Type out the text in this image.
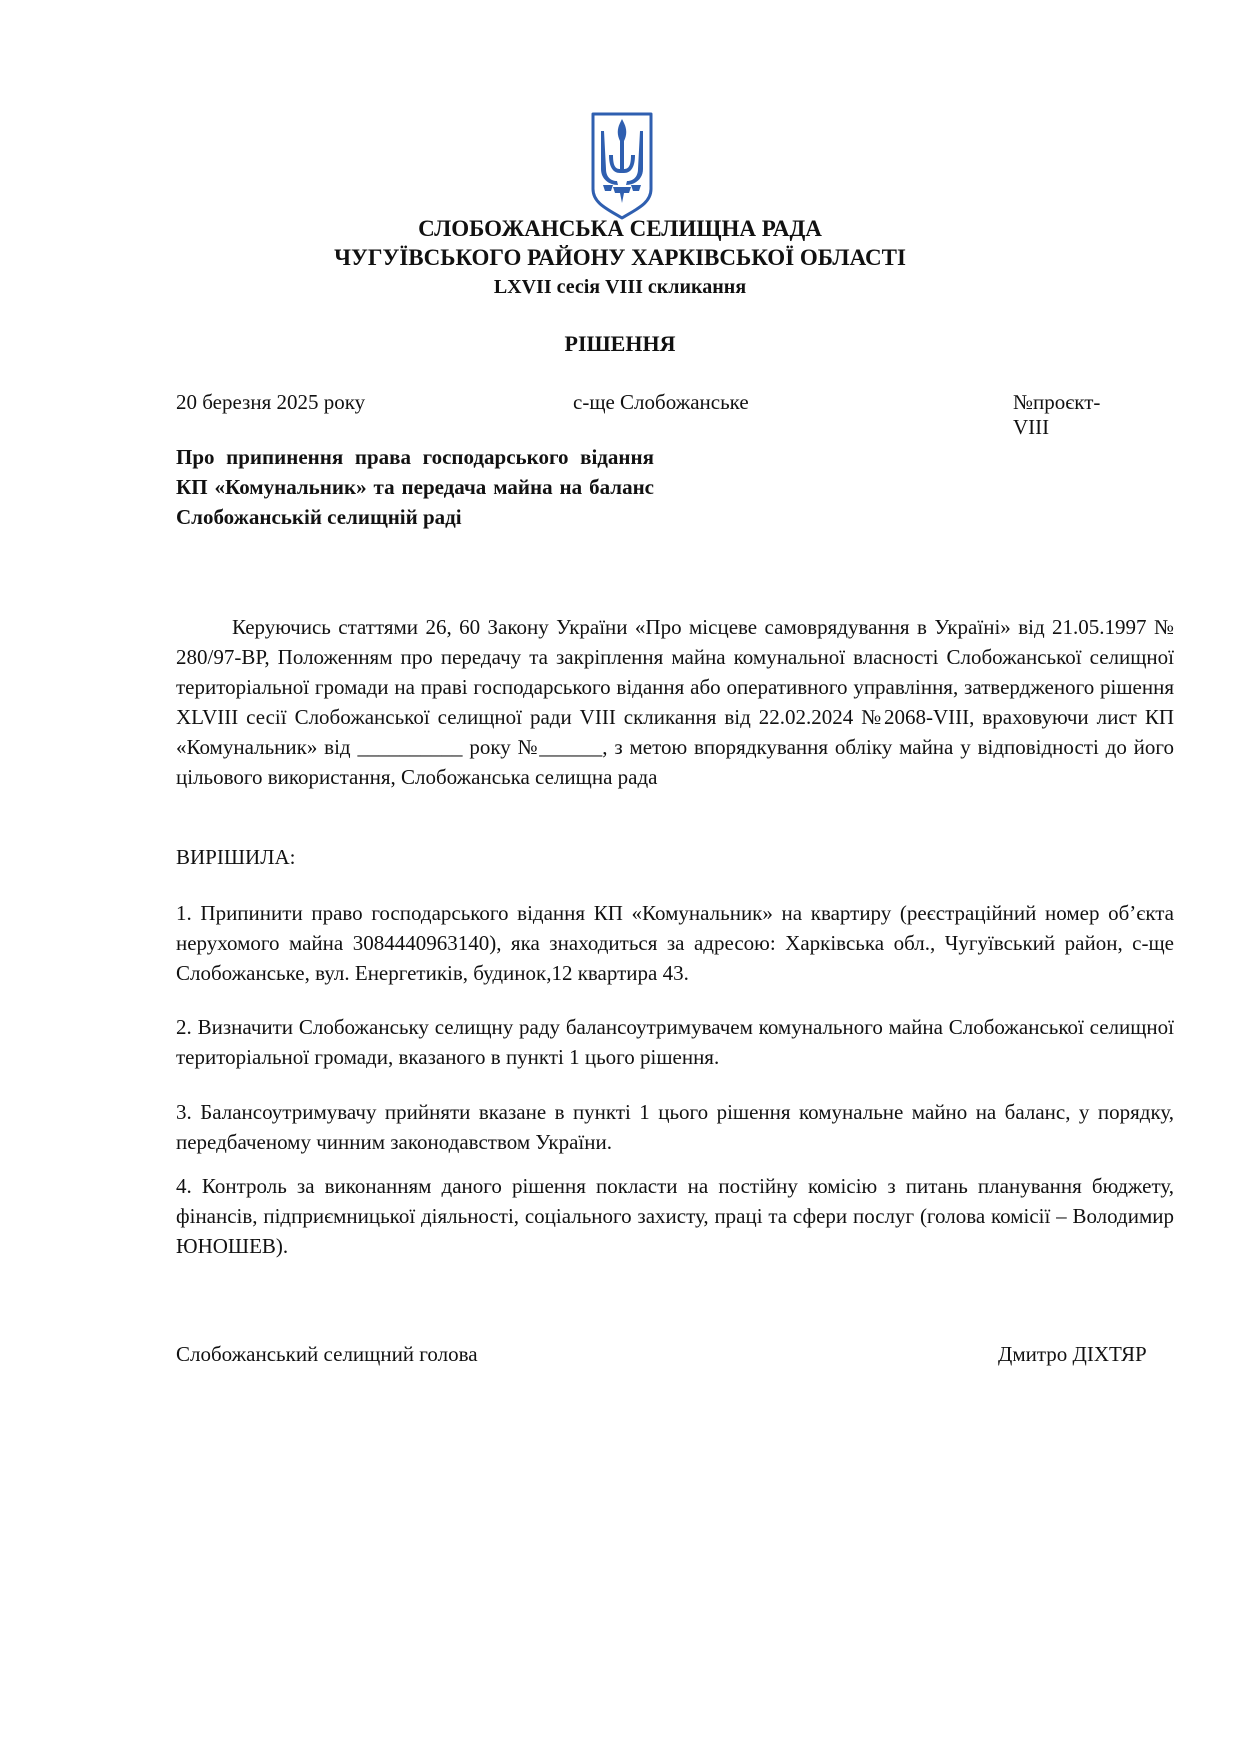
СЛОБОЖАНСЬКА СЕЛИЩНА РАДА
ЧУГУЇВСЬКОГО РАЙОНУ ХАРКІВСЬКОЇ ОБЛАСТІ
LXVII сесія VIII скликання
РІШЕННЯ
20 березня 2025 року	с-ще Слобожанське	№проєкт-VIII
Про припинення права господарського відання КП «Комунальник» та передача майна на баланс Слобожанській селищній раді
Керуючись статтями 26, 60 Закону України «Про місцеве самоврядування в Україні» від 21.05.1997 № 280/97-ВР, Положенням про передачу та закріплення майна комунальної власності Слобожанської селищної територіальної громади на праві господарського відання або оперативного управління, затвердженого рішення XLVIII сесії Слобожанської селищної ради VIII скликання від 22.02.2024 №2068-VIII, враховуючи лист КП «Комунальник» від __________ року №______, з метою впорядкування обліку майна у відповідності до його цільового використання, Слобожанська селищна рада
ВИРІШИЛА:
1. Припинити право господарського відання КП «Комунальник» на квартиру (реєстраційний номер об’єкта нерухомого майна 3084440963140), яка знаходиться за адресою: Харківська обл., Чугуївський район, с-ще Слобожанське, вул. Енергетиків, будинок,12 квартира 43.
2. Визначити Слобожанську селищну раду балансоутримувачем комунального майна Слобожанської селищної територіальної громади, вказаного в пункті 1 цього рішення.
3. Балансоутримувачу прийняти вказане в пункті 1 цього рішення комунальне майно на баланс, у порядку, передбаченому чинним законодавством України.
4. Контроль за виконанням даного рішення покласти на постійну комісію з питань планування бюджету, фінансів, підприємницької діяльності, соціального захисту, праці та сфери послуг (голова комісії – Володимир ЮНОШЕВ).
Слобожанський селищний голова	Дмитро ДІХТЯР
